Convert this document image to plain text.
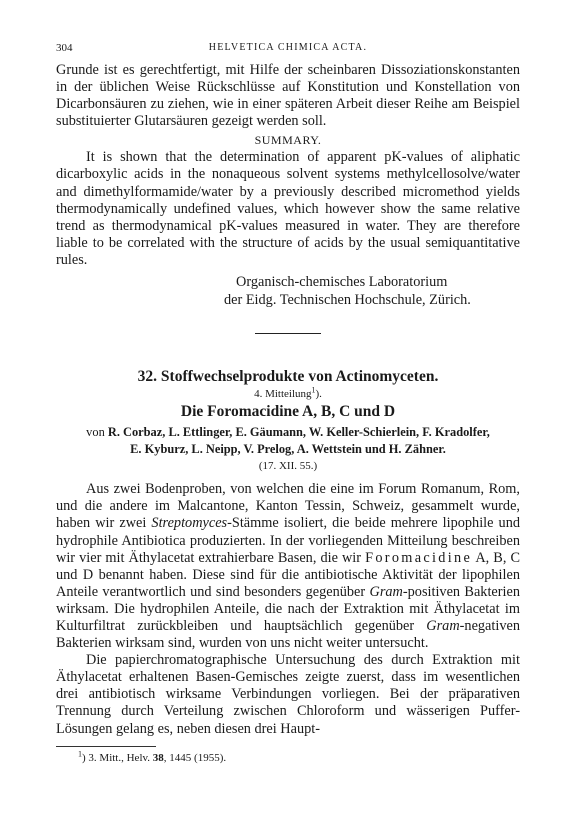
304	HELVETICA CHIMICA ACTA.

Grunde ist es gerechtfertigt, mit Hilfe der scheinbaren Dissoziationskonstanten in der üblichen Weise Rückschlüsse auf Konstitution und Konstellation von Dicarbonsäuren zu ziehen, wie in einer späteren Arbeit dieser Reihe am Beispiel substituierter Glutarsäuren gezeigt werden soll.

SUMMARY.

It is shown that the determination of apparent pK-values of aliphatic dicarboxylic acids in the nonaqueous solvent systems methylcellosolve/water and dimethylformamide/water by a previously described micromethod yields thermodynamically undefined values, which however show the same relative trend as thermodynamical pK-values measured in water. They are therefore liable to be correlated with the structure of acids by the usual semiquantitative rules.

Organisch-chemisches Laboratorium
der Eidg. Technischen Hochschule, Zürich.
32. Stoffwechselprodukte von Actinomyceten.
4. Mitteilung$^1$).
Die Foromacidine A, B, C und D
von R. Corbaz, L. Ettlinger, E. Gäumann, W. Keller-Schierlein, F. Kradolfer,
E. Kyburz, L. Neipp, V. Prelog, A. Wettstein und H. Zähner.
(17. XII. 55.)

Aus zwei Bodenproben, von welchen die eine im Forum Romanum, Rom, und die andere im Malcantone, Kanton Tessin, Schweiz, gesammelt wurde, haben wir zwei Streptomyces-Stämme isoliert, die beide mehrere lipophile und hydrophile Antibiotica produzierten. In der vorliegenden Mitteilung beschreiben wir vier mit Äthylacetat extrahierbare Basen, die wir Foromacidine A, B, C und D benannt haben. Diese sind für die antibiotische Aktivität der lipophilen Anteile verantwortlich und sind besonders gegenüber Gram-positiven Bakterien wirksam. Die hydrophilen Anteile, die nach der Extraktion mit Äthylacetat im Kulturfiltrat zurückbleiben und hauptsächlich gegenüber Gram-negativen Bakterien wirksam sind, wurden von uns nicht weiter untersucht.

Die papierchromatographische Untersuchung des durch Extraktion mit Äthylacetat erhaltenen Basen-Gemisches zeigte zuerst, dass im wesentlichen drei antibiotisch wirksame Verbindungen vorliegen. Bei der präparativen Trennung durch Verteilung zwischen Chloroform und wässerigen Puffer-Lösungen gelang es, neben diesen drei Haupt-

$^1$) 3. Mitt., Helv. 38, 1445 (1955).
